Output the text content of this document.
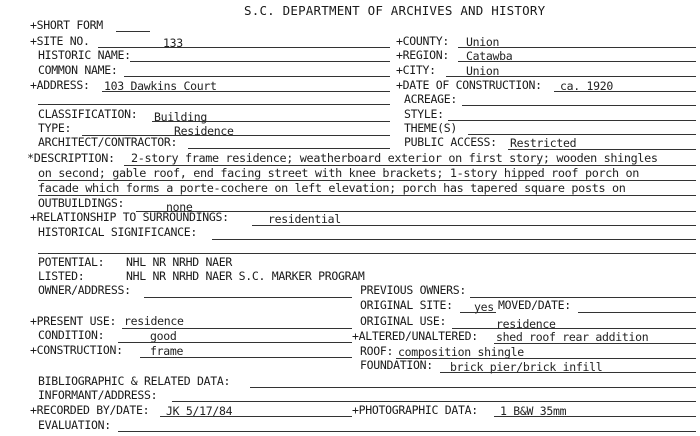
S.C. DEPARTMENT OF ARCHIVES AND HISTORY
+SHORT FORM
+SITE NO.	133	+COUNTY: Union
HISTORIC NAME:	+REGION: Catawba
COMMON NAME:	+CITY:	Union
+ADDRESS: 103 Dawkins Court	+DATE OF CONSTRUCTION: ca. 1920
ACREAGE:
CLASSIFICATION: Building	STYLE:
TYPE:	Residence	THEME(S)
ARCHITECT/CONTRACTOR:	PUBLIC ACCESS: Restricted
*DESCRIPTION: 2-story frame residence; weatherboard exterior on first story; wooden shingles
on second; gable roof, end facing street with knee brackets; 1-story hipped roof porch on
facade which forms a porte-cochere on left elevation; porch has tapered square posts on
OUTBUILDINGS:	none
+RELATIONSHIP TO SURROUNDINGS:	residential
HISTORICAL SIGNIFICANCE:
POTENTIAL: NHL NR NRHD NAER
LISTED:	NHL NR NRHD NAER S.C. MARKER PROGRAM
OWNER/ADDRESS:	PREVIOUS OWNERS:
ORIGINAL SITE: yes MOVED/DATE:
+PRESENT USE: residence	ORIGINAL USE:	residence
CONDITION:	good	+ALTERED/UNALTERED: shed roof rear addition
+CONSTRUCTION: frame	ROOF: composition shingle
FOUNDATION: brick pier/brick infill
BIBLIOGRAPHIC & RELATED DATA:
INFORMANT/ADDRESS:
+RECORDED BY/DATE: JK 5/17/84	+PHOTOGRAPHIC DATA: 1 B&W 35mm
EVALUATION:
